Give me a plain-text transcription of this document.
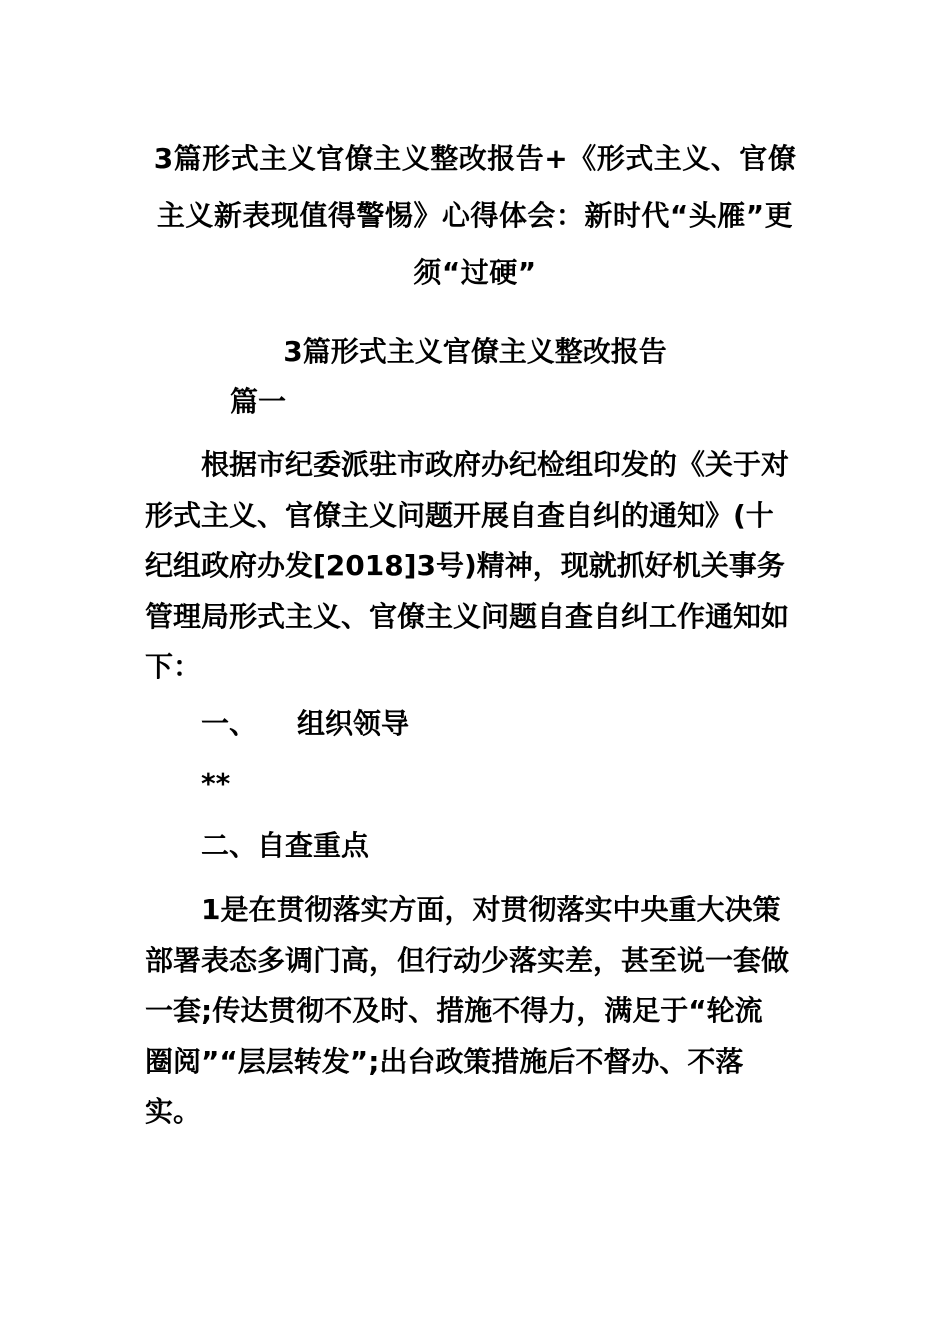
3篇形式主义官僚主义整改报告+《形式主义、官僚
主义新表现值得警惕》心得体会：新时代“头雁”更
须“过硬”
3篇形式主义官僚主义整改报告
篇一

根据市纪委派驻市政府办纪检组印发的《关于对
形式主义、官僚主义问题开展自查自纠的通知》(十
纪组政府办发[2018]3号)精神，现就抓好机关事务
管理局形式主义、官僚主义问题自查自纠工作通知如
下：

一、 组织领导

**

二、自查重点

1是在贯彻落实方面，对贯彻落实中央重大决策
部署表态多调门高，但行动少落实差，甚至说一套做
一套;传达贯彻不及时、措施不得力，满足于“轮流
圈阅”“层层转发”;出台政策措施后不督办、不落
实。
